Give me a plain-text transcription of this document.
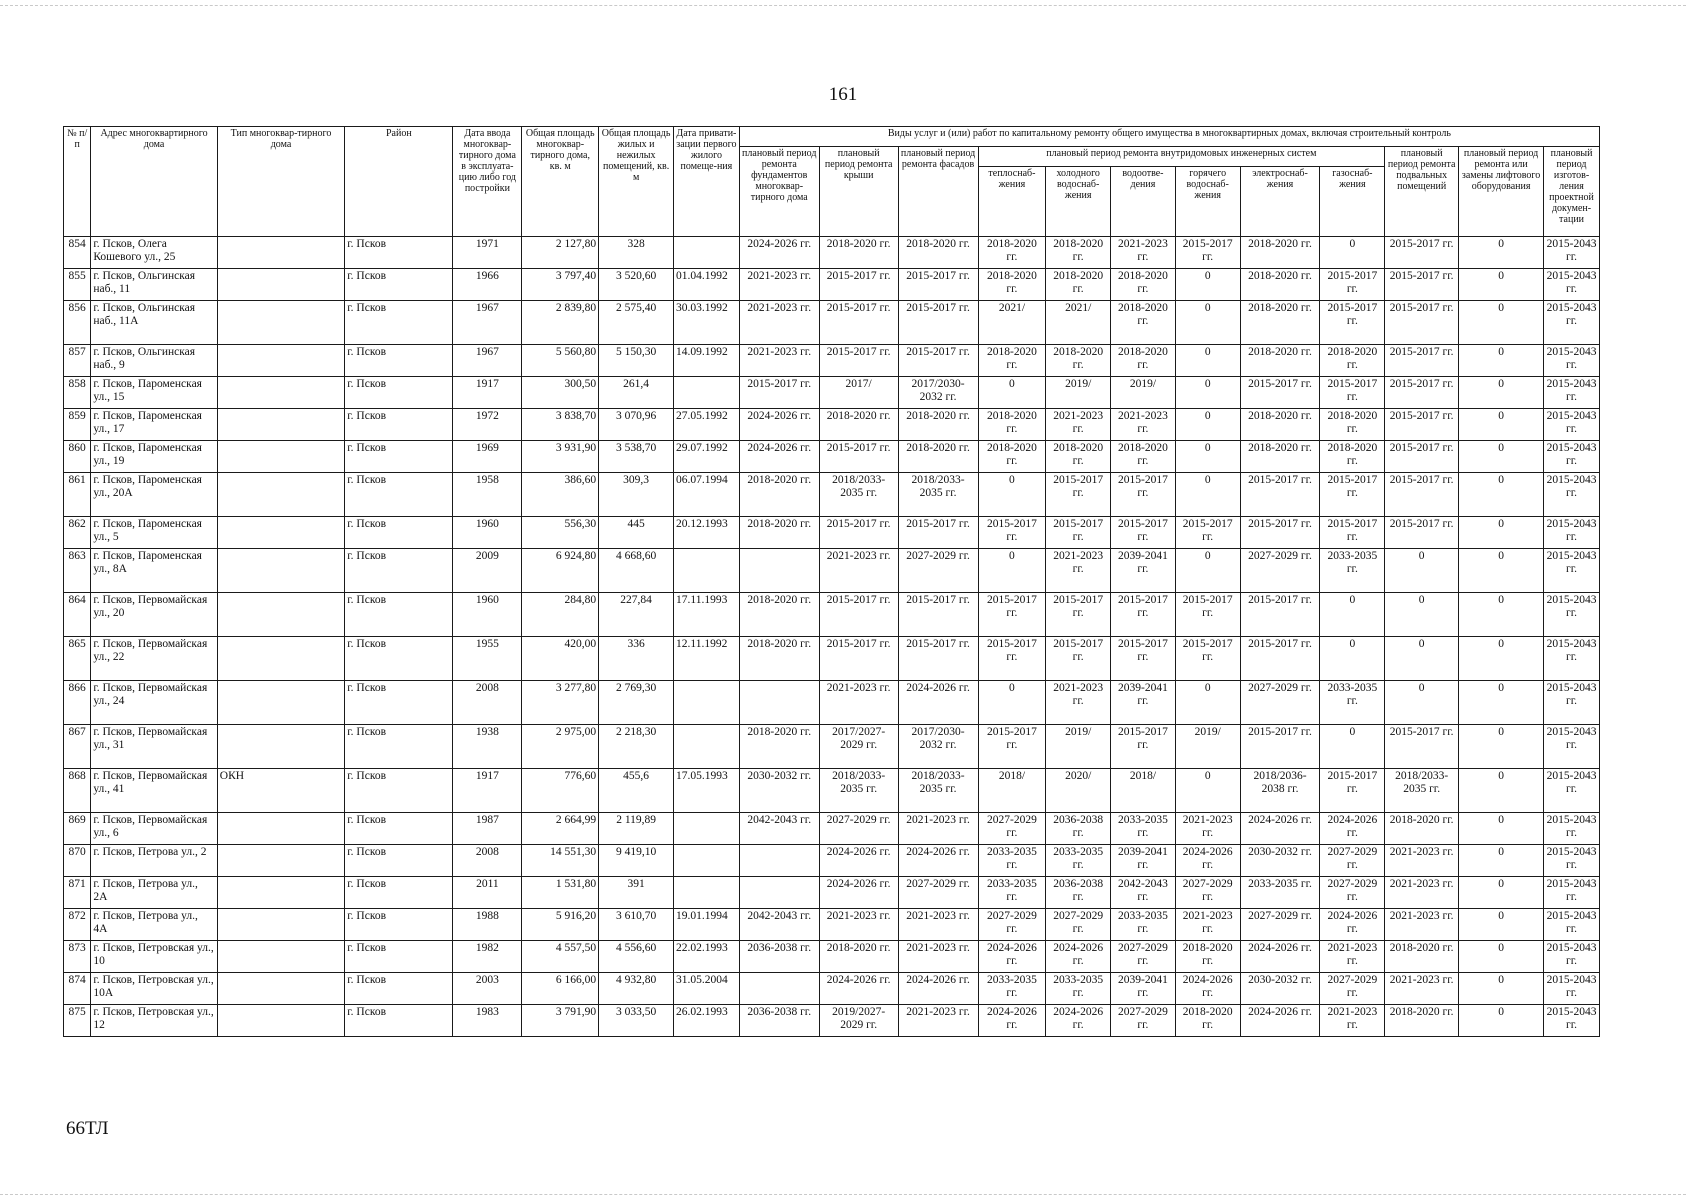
161
№ п/п	Адрес многоквартирного дома	Тип многоквар-тирного дома	Район	Дата ввода многоквар-тирного дома в эксплуата-цию либо год постройки	Общая площадь многоквар-тирного дома, кв. м	Общая площадь жилых и нежилых помещений, кв. м	Дата привати-зации первого жилого помеще-ния	Виды услуг и (или) работ по капитальному ремонту общего имущества в многоквартирных домах, включая строительный контроль											
								плановый период ремонта фундаментов многоквар-тирного дома	плановый период ремонта крыши	плановый период ремонта фасадов	плановый период ремонта внутридомовых инженерных систем						плановый период ремонта подвальных помещений	плановый период ремонта или замены лифтового оборудования	плановый период изготов-ления проектной докумен-тации
											теплоснаб-жения	холодного водоснаб-жения	водоотве-дения	горячего водоснаб-жения	электроснаб-жения	газоснаб-жения			
854	г. Псков, Олега Кошевого ул., 25		г. Псков	1971	2 127,80	328		2024-2026 гг.	2018-2020 гг.	2018-2020 гг.	2018-2020 гг.	2018-2020 гг.	2021-2023 гг.	2015-2017 гг.	2018-2020 гг.	0	2015-2017 гг.	0	2015-2043 гг.
855	г. Псков, Ольгинская наб., 11		г. Псков	1966	3 797,40	3 520,60	01.04.1992	2021-2023 гг.	2015-2017 гг.	2015-2017 гг.	2018-2020 гг.	2018-2020 гг.	2018-2020 гг.	0	2018-2020 гг.	2015-2017 гг.	2015-2017 гг.	0	2015-2043 гг.
856	г. Псков, Ольгинская наб., 11А		г. Псков	1967	2 839,80	2 575,40	30.03.1992	2021-2023 гг.	2015-2017 гг.	2015-2017 гг.	2021/	2021/	2018-2020 гг.	0	2018-2020 гг.	2015-2017 гг.	2015-2017 гг.	0	2015-2043 гг.
857	г. Псков, Ольгинская наб., 9		г. Псков	1967	5 560,80	5 150,30	14.09.1992	2021-2023 гг.	2015-2017 гг.	2015-2017 гг.	2018-2020 гг.	2018-2020 гг.	2018-2020 гг.	0	2018-2020 гг.	2018-2020 гг.	2015-2017 гг.	0	2015-2043 гг.
858	г. Псков, Пароменская ул., 15		г. Псков	1917	300,50	261,4		2015-2017 гг.	2017/	2017/2030-2032 гг.	0	2019/	2019/	0	2015-2017 гг.	2015-2017 гг.	2015-2017 гг.	0	2015-2043 гг.
859	г. Псков, Пароменская ул., 17		г. Псков	1972	3 838,70	3 070,96	27.05.1992	2024-2026 гг.	2018-2020 гг.	2018-2020 гг.	2018-2020 гг.	2021-2023 гг.	2021-2023 гг.	0	2018-2020 гг.	2018-2020 гг.	2015-2017 гг.	0	2015-2043 гг.
860	г. Псков, Пароменская ул., 19		г. Псков	1969	3 931,90	3 538,70	29.07.1992	2024-2026 гг.	2015-2017 гг.	2018-2020 гг.	2018-2020 гг.	2018-2020 гг.	2018-2020 гг.	0	2018-2020 гг.	2018-2020 гг.	2015-2017 гг.	0	2015-2043 гг.
861	г. Псков, Пароменская ул., 20А		г. Псков	1958	386,60	309,3	06.07.1994	2018-2020 гг.	2018/2033-2035 гг.	2018/2033-2035 гг.	0	2015-2017 гг.	2015-2017 гг.	0	2015-2017 гг.	2015-2017 гг.	2015-2017 гг.	0	2015-2043 гг.
862	г. Псков, Пароменская ул., 5		г. Псков	1960	556,30	445	20.12.1993	2018-2020 гг.	2015-2017 гг.	2015-2017 гг.	2015-2017 гг.	2015-2017 гг.	2015-2017 гг.	2015-2017 гг.	2015-2017 гг.	2015-2017 гг.	2015-2017 гг.	0	2015-2043 гг.
863	г. Псков, Пароменская ул., 8А		г. Псков	2009	6 924,80	4 668,60			2021-2023 гг.	2027-2029 гг.	0	2021-2023 гг.	2039-2041 гг.	0	2027-2029 гг.	2033-2035 гг.	0	0	2015-2043 гг.
864	г. Псков, Первомайская ул., 20		г. Псков	1960	284,80	227,84	17.11.1993	2018-2020 гг.	2015-2017 гг.	2015-2017 гг.	2015-2017 гг.	2015-2017 гг.	2015-2017 гг.	2015-2017 гг.	2015-2017 гг.	0	0	0	2015-2043 гг.
865	г. Псков, Первомайская ул., 22		г. Псков	1955	420,00	336	12.11.1992	2018-2020 гг.	2015-2017 гг.	2015-2017 гг.	2015-2017 гг.	2015-2017 гг.	2015-2017 гг.	2015-2017 гг.	2015-2017 гг.	0	0	0	2015-2043 гг.
866	г. Псков, Первомайская ул., 24		г. Псков	2008	3 277,80	2 769,30			2021-2023 гг.	2024-2026 гг.	0	2021-2023 гг.	2039-2041 гг.	0	2027-2029 гг.	2033-2035 гг.	0	0	2015-2043 гг.
867	г. Псков, Первомайская ул., 31		г. Псков	1938	2 975,00	2 218,30		2018-2020 гг.	2017/2027-2029 гг.	2017/2030-2032 гг.	2015-2017 гг.	2019/	2015-2017 гг.	2019/	2015-2017 гг.	0	2015-2017 гг.	0	2015-2043 гг.
868	г. Псков, Первомайская ул., 41	ОКН	г. Псков	1917	776,60	455,6	17.05.1993	2030-2032 гг.	2018/2033-2035 гг.	2018/2033-2035 гг.	2018/	2020/	2018/	0	2018/2036-2038 гг.	2015-2017 гг.	2018/2033-2035 гг.	0	2015-2043 гг.
869	г. Псков, Первомайская ул., 6		г. Псков	1987	2 664,99	2 119,89		2042-2043 гг.	2027-2029 гг.	2021-2023 гг.	2027-2029 гг.	2036-2038 гг.	2033-2035 гг.	2021-2023 гг.	2024-2026 гг.	2024-2026 гг.	2018-2020 гг.	0	2015-2043 гг.
870	г. Псков, Петрова ул., 2		г. Псков	2008	14 551,30	9 419,10			2024-2026 гг.	2024-2026 гг.	2033-2035 гг.	2033-2035 гг.	2039-2041 гг.	2024-2026 гг.	2030-2032 гг.	2027-2029 гг.	2021-2023 гг.	0	2015-2043 гг.
871	г. Псков, Петрова ул., 2А		г. Псков	2011	1 531,80	391			2024-2026 гг.	2027-2029 гг.	2033-2035 гг.	2036-2038 гг.	2042-2043 гг.	2027-2029 гг.	2033-2035 гг.	2027-2029 гг.	2021-2023 гг.	0	2015-2043 гг.
872	г. Псков, Петрова ул., 4А		г. Псков	1988	5 916,20	3 610,70	19.01.1994	2042-2043 гг.	2021-2023 гг.	2021-2023 гг.	2027-2029 гг.	2027-2029 гг.	2033-2035 гг.	2021-2023 гг.	2027-2029 гг.	2024-2026 гг.	2021-2023 гг.	0	2015-2043 гг.
873	г. Псков, Петровская ул., 10		г. Псков	1982	4 557,50	4 556,60	22.02.1993	2036-2038 гг.	2018-2020 гг.	2021-2023 гг.	2024-2026 гг.	2024-2026 гг.	2027-2029 гг.	2018-2020 гг.	2024-2026 гг.	2021-2023 гг.	2018-2020 гг.	0	2015-2043 гг.
874	г. Псков, Петровская ул., 10А		г. Псков	2003	6 166,00	4 932,80	31.05.2004		2024-2026 гг.	2024-2026 гг.	2033-2035 гг.	2033-2035 гг.	2039-2041 гг.	2024-2026 гг.	2030-2032 гг.	2027-2029 гг.	2021-2023 гг.	0	2015-2043 гг.
875	г. Псков, Петровская ул., 12		г. Псков	1983	3 791,90	3 033,50	26.02.1993	2036-2038 гг.	2019/2027-2029 гг.	2021-2023 гг.	2024-2026 гг.	2024-2026 гг.	2027-2029 гг.	2018-2020 гг.	2024-2026 гг.	2021-2023 гг.	2018-2020 гг.	0	2015-2043 гг.
66ТЛ
